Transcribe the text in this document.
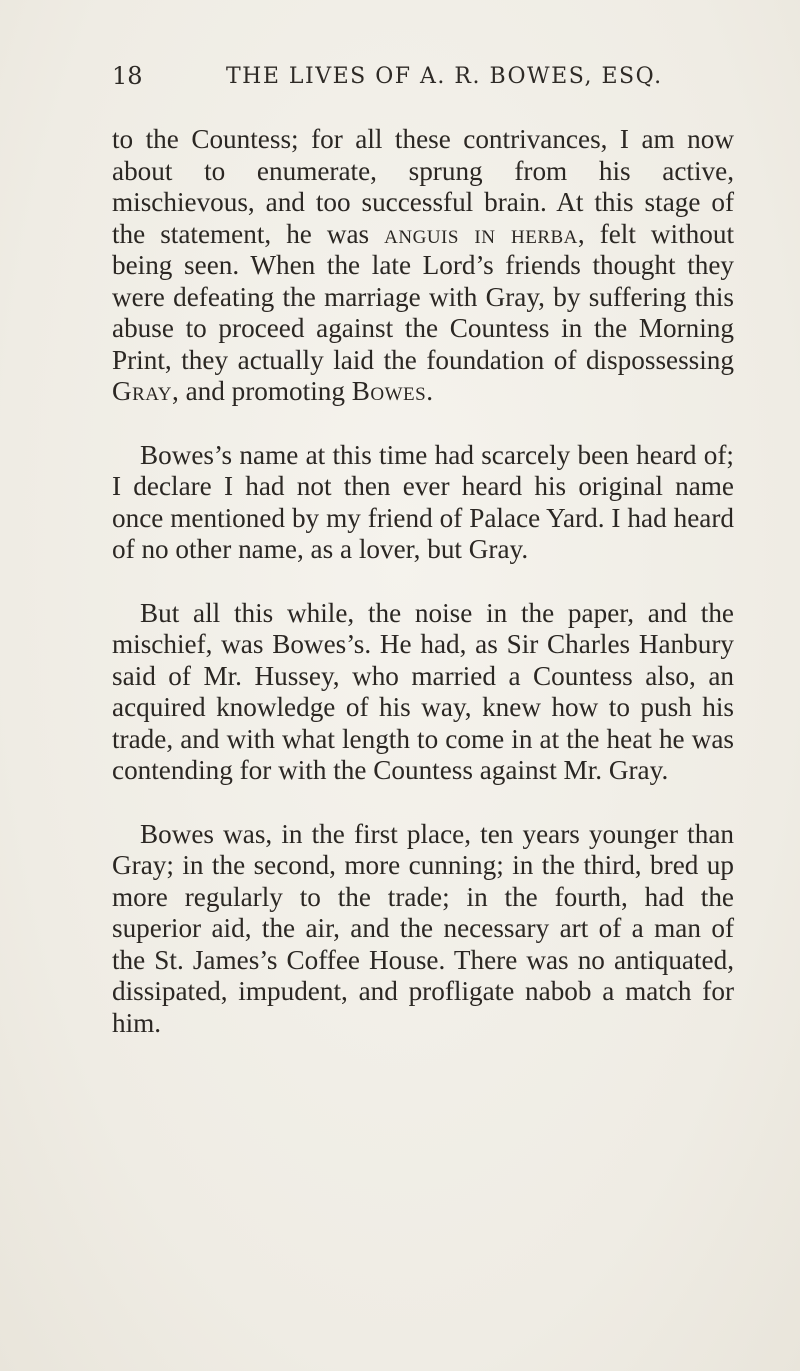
18	THE LIVES OF A. R. BOWES, ESQ.

to the Countess; for all these contrivances, I am now about to enumerate, sprung from his active, mischievous, and too successful brain. At this stage of the statement, he was anguis in herba, felt without being seen. When the late Lord’s friends thought they were defeating the marriage with Gray, by suffering this abuse to proceed against the Countess in the Morning Print, they actually laid the foundation of dispossessing Gray, and promoting Bowes.

Bowes’s name at this time had scarcely been heard of; I declare I had not then ever heard his original name once mentioned by my friend of Palace Yard. I had heard of no other name, as a lover, but Gray.

But all this while, the noise in the paper, and the mischief, was Bowes’s. He had, as Sir Charles Hanbury said of Mr. Hussey, who married a Countess also, an acquired knowledge of his way, knew how to push his trade, and with what length to come in at the heat he was contending for with the Countess against Mr. Gray.

Bowes was, in the first place, ten years younger than Gray; in the second, more cunning; in the third, bred up more regularly to the trade; in the fourth, had the superior aid, the air, and the necessary art of a man of the St. James’s Coffee House. There was no antiquated, dissipated, impudent, and profligate nabob a match for him.
